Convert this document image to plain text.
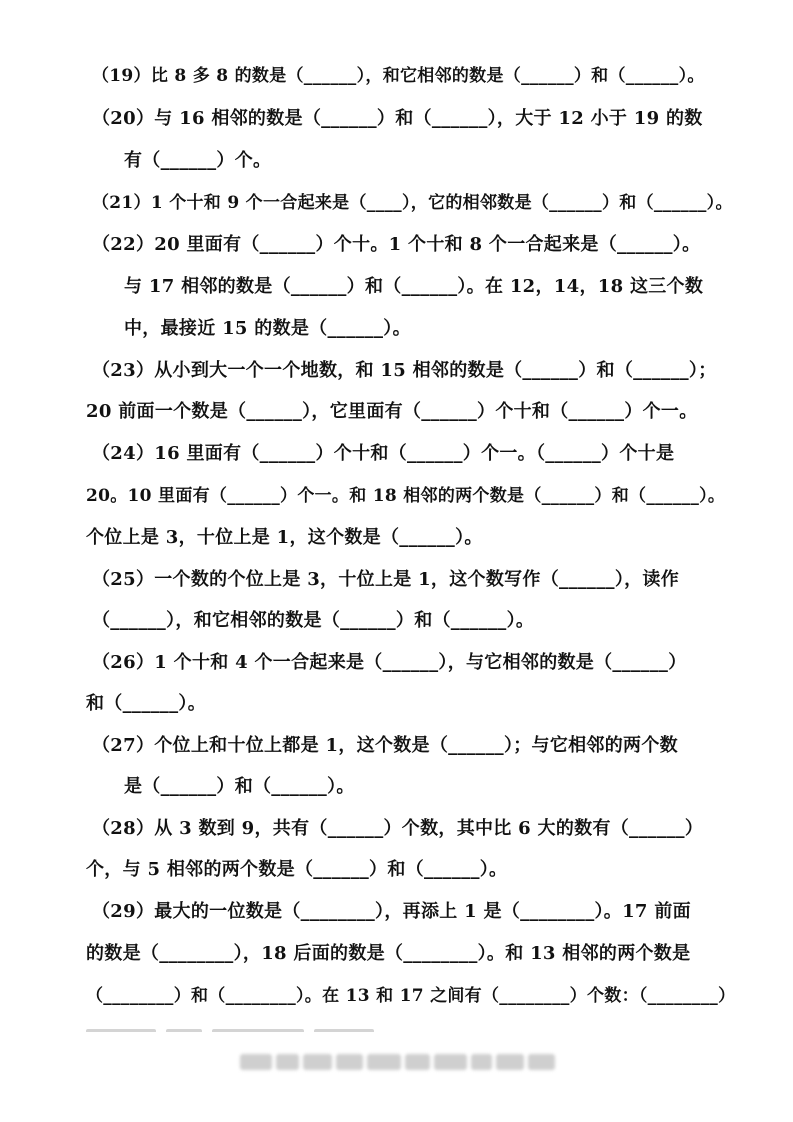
（19）比 8 多 8 的数是（______），和它相邻的数是（______）和（______）。
（20）与 16 相邻的数是（______）和（______），大于 12 小于 19 的数
有（______）个。
（21）1 个十和 9 个一合起来是（____），它的相邻数是（______）和（______）。
（22）20 里面有（______）个十。1 个十和 8 个一合起来是（______）。
与 17 相邻的数是（______）和（______）。在 12，14，18 这三个数
中，最接近 15 的数是（______）。
（23）从小到大一个一个地数，和 15 相邻的数是（______）和（______）；
20 前面一个数是（______），它里面有（______）个十和（______）个一。
（24）16 里面有（______）个十和（______）个一。（______）个十是
20。10 里面有（______）个一。和 18 相邻的两个数是（______）和（______）。
个位上是 3，十位上是 1，这个数是（______）。
（25）一个数的个位上是 3，十位上是 1，这个数写作（______），读作
（______），和它相邻的数是（______）和（______）。
（26）1 个十和 4 个一合起来是（______），与它相邻的数是（______）
和（______）。
（27）个位上和十位上都是 1，这个数是（______）；与它相邻的两个数
是（______）和（______）。
（28）从 3 数到 9，共有（______）个数，其中比 6 大的数有（______）
个，与 5 相邻的两个数是（______）和（______）。
（29）最大的一位数是（________），再添上 1 是（________）。17 前面
的数是（________），18 后面的数是（________）。和 13 相邻的两个数是
（________）和（________）。在 13 和 17 之间有（________）个数：（________）
